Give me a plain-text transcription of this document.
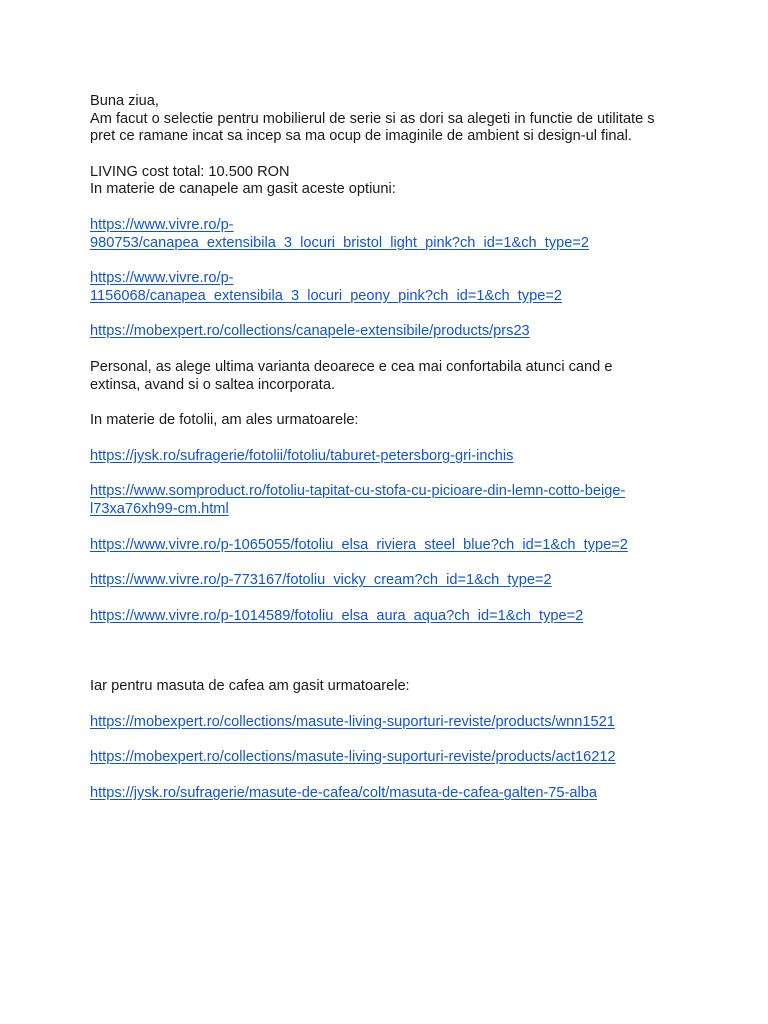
Buna ziua,

Am facut o selectie pentru mobilierul de serie si as dori sa alegeti in functie de utilitate s

pret ce ramane incat sa incep sa ma ocup de imaginile de ambient si design-ul final.

LIVING cost total: 10.500 RON

In materie de canapele am gasit aceste optiuni:

https://www.vivre.ro/p-
980753/canapea_extensibila_3_locuri_bristol_light_pink?ch_id=1&ch_type=2
https://www.vivre.ro/p-
1156068/canapea_extensibila_3_locuri_peony_pink?ch_id=1&ch_type=2
https://mobexpert.ro/collections/canapele-extensibile/products/prs23

Personal, as alege ultima varianta deoarece e cea mai confortabila atunci cand e

extinsa, avand si o saltea incorporata.

In materie de fotolii, am ales urmatoarele:

https://jysk.ro/sufragerie/fotolii/fotoliu/taburet-petersborg-gri-inchis
https://www.somproduct.ro/fotoliu-tapitat-cu-stofa-cu-picioare-din-lemn-cotto-beige-
l73xa76xh99-cm.html
https://www.vivre.ro/p-1065055/fotoliu_elsa_riviera_steel_blue?ch_id=1&ch_type=2
https://www.vivre.ro/p-773167/fotoliu_vicky_cream?ch_id=1&ch_type=2
https://www.vivre.ro/p-1014589/fotoliu_elsa_aura_aqua?ch_id=1&ch_type=2

Iar pentru masuta de cafea am gasit urmatoarele:

https://mobexpert.ro/collections/masute-living-suporturi-reviste/products/wnn1521
https://mobexpert.ro/collections/masute-living-suporturi-reviste/products/act16212
https://jysk.ro/sufragerie/masute-de-cafea/colt/masuta-de-cafea-galten-75-alba
